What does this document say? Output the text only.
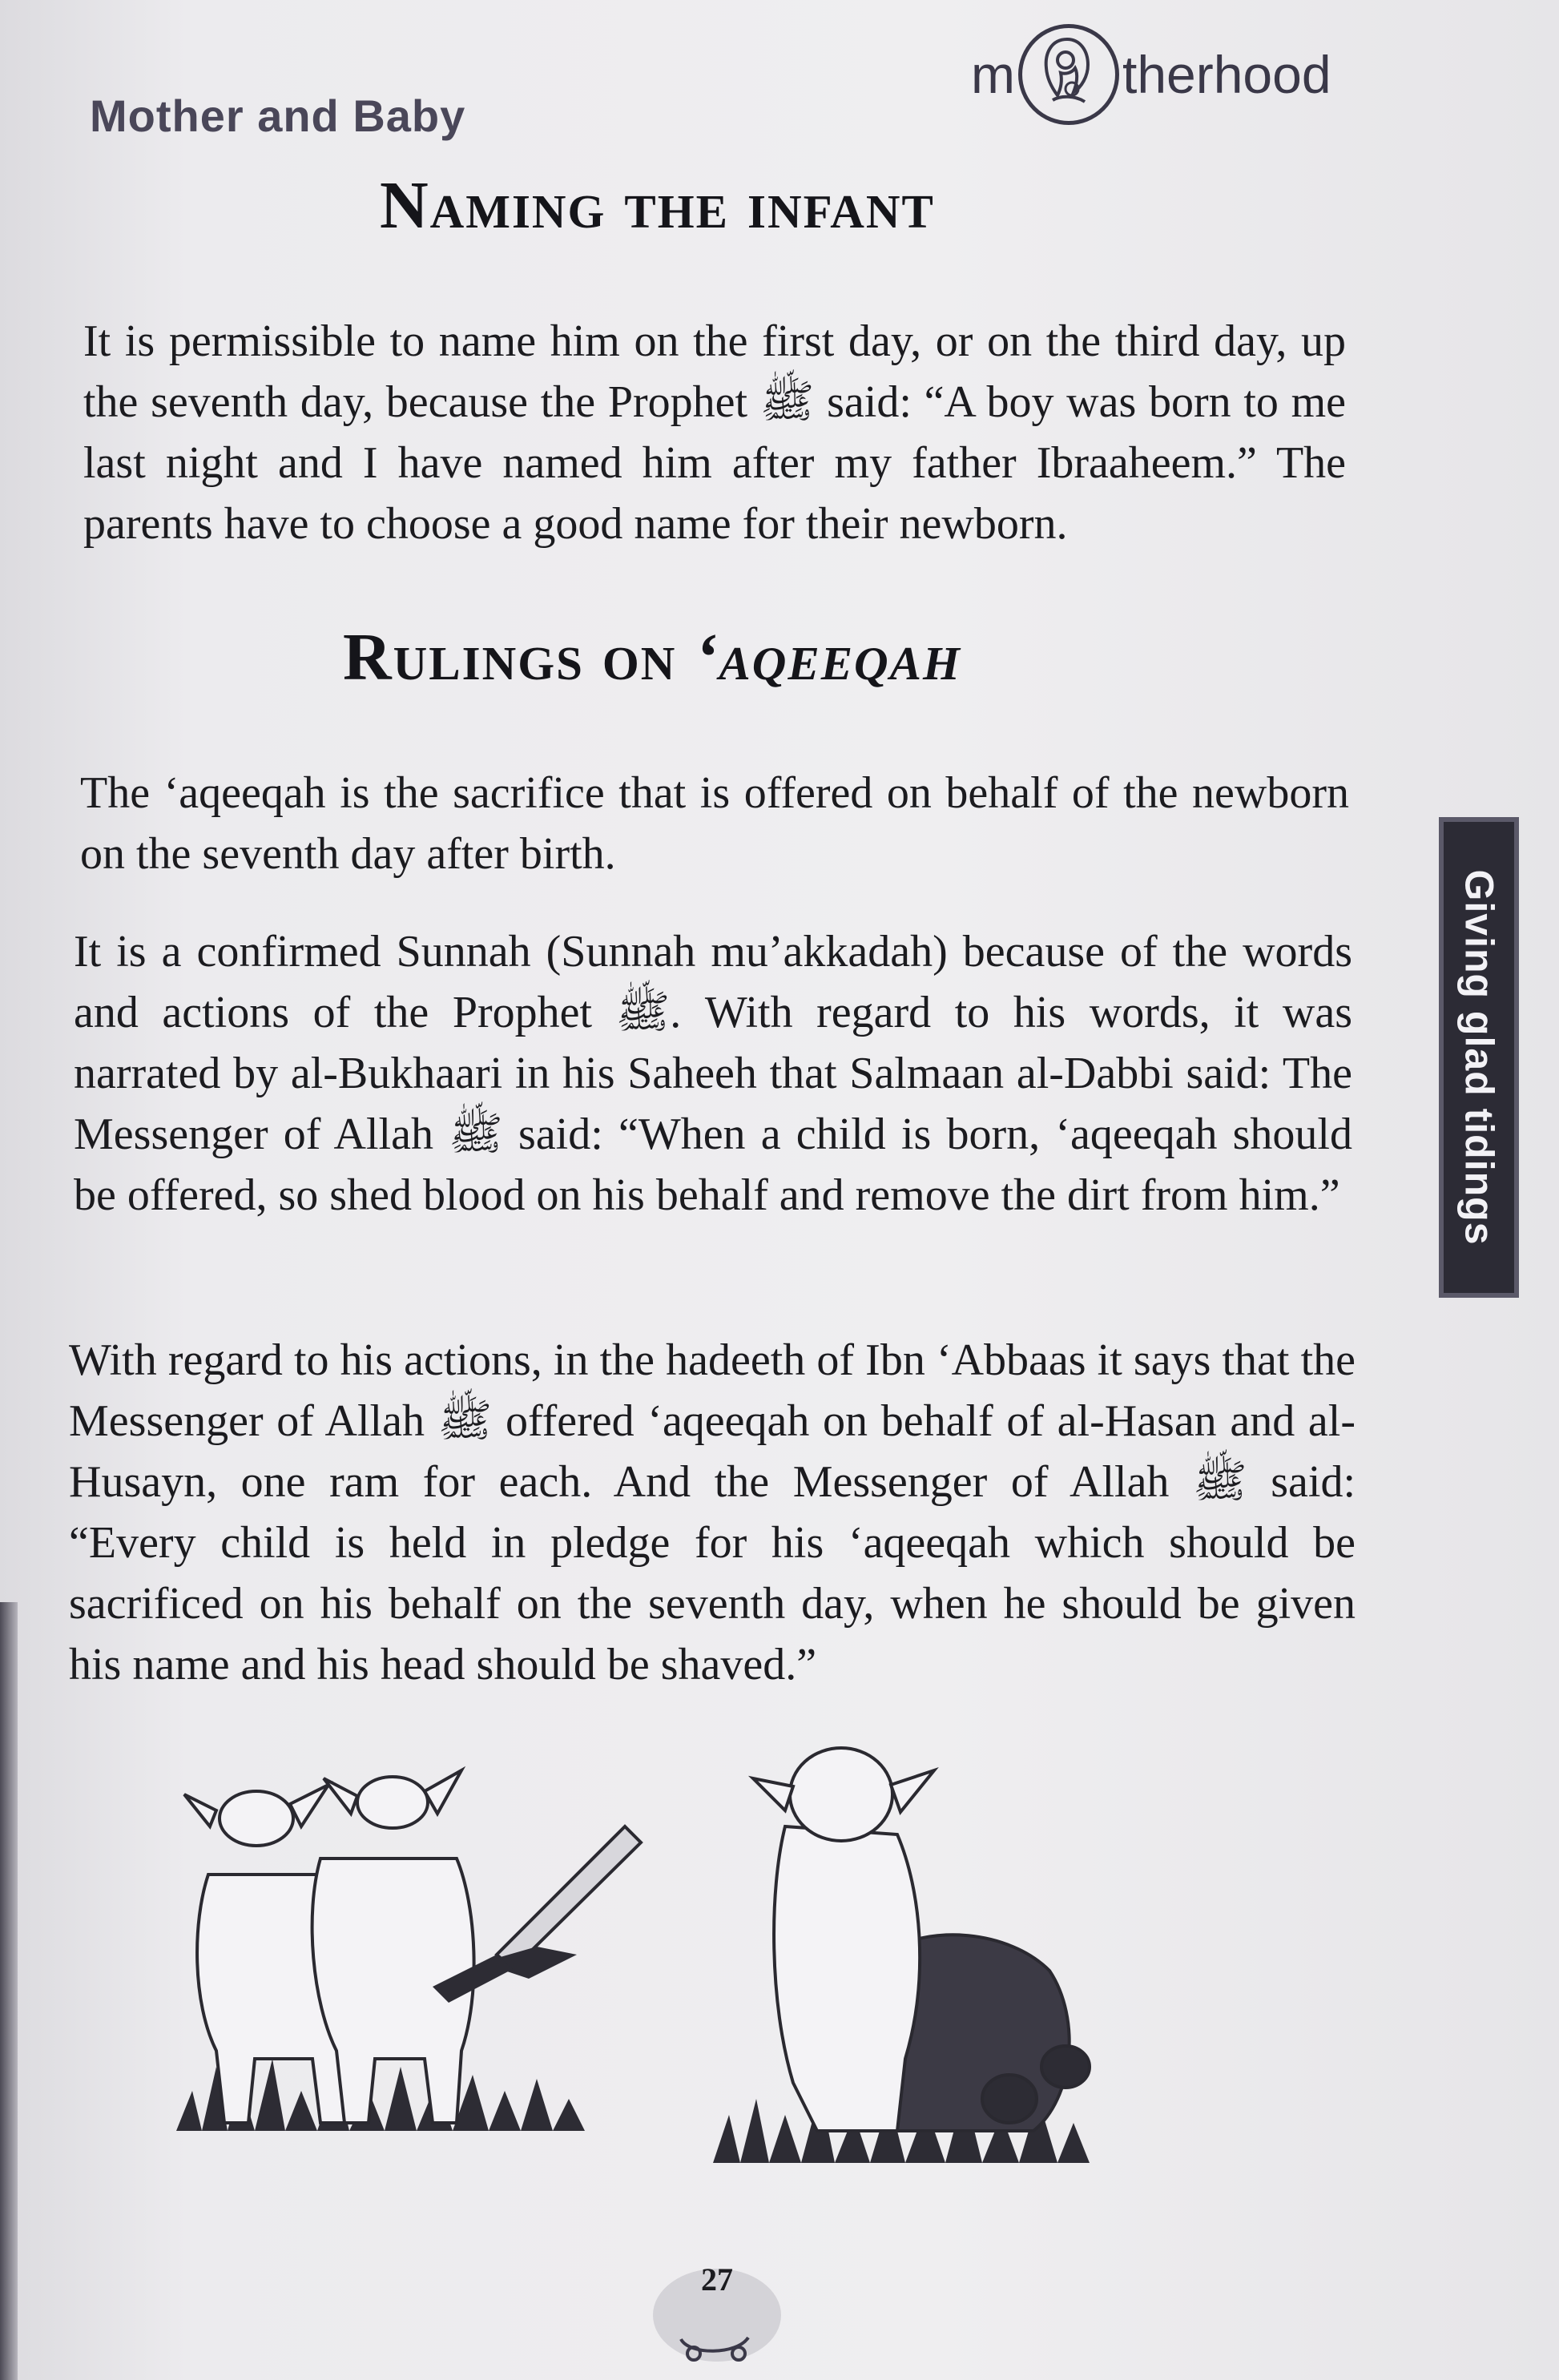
Mother and Baby
m therhood
Naming the infant

It is permissible to name him on the first day, or on the third day, up the seventh day, because the Prophet ﷺ said: “A boy was born to me last night and I have named him after my father Ibraaheem.” The parents have to choose a good name for their newborn.

Rulings on ‘aqeeqah

The ‘aqeeqah is the sacrifice that is offered on behalf of the newborn on the seventh day after birth.

It is a confirmed Sunnah (Sunnah mu’akkadah) because of the words and actions of the Prophet ﷺ. With regard to his words, it was narrated by al-Bukhaari in his Saheeh that Salmaan al-Dabbi said: The Messenger of Allah ﷺ said: “When a child is born, ‘aqeeqah should be offered, so shed blood on his behalf and remove the dirt from him.”

With regard to his actions, in the hadeeth of Ibn ‘Abbaas it says that the Messenger of Allah ﷺ offered ‘aqeeqah on behalf of al-Hasan and al-Husayn, one ram for each. And the Messenger of Allah ﷺ said: “Every child is held in pledge for his ‘aqeeqah which should be sacrificed on his behalf on the seventh day, when he should be given his name and his head should be shaved.”

Giving glad tidings
27
